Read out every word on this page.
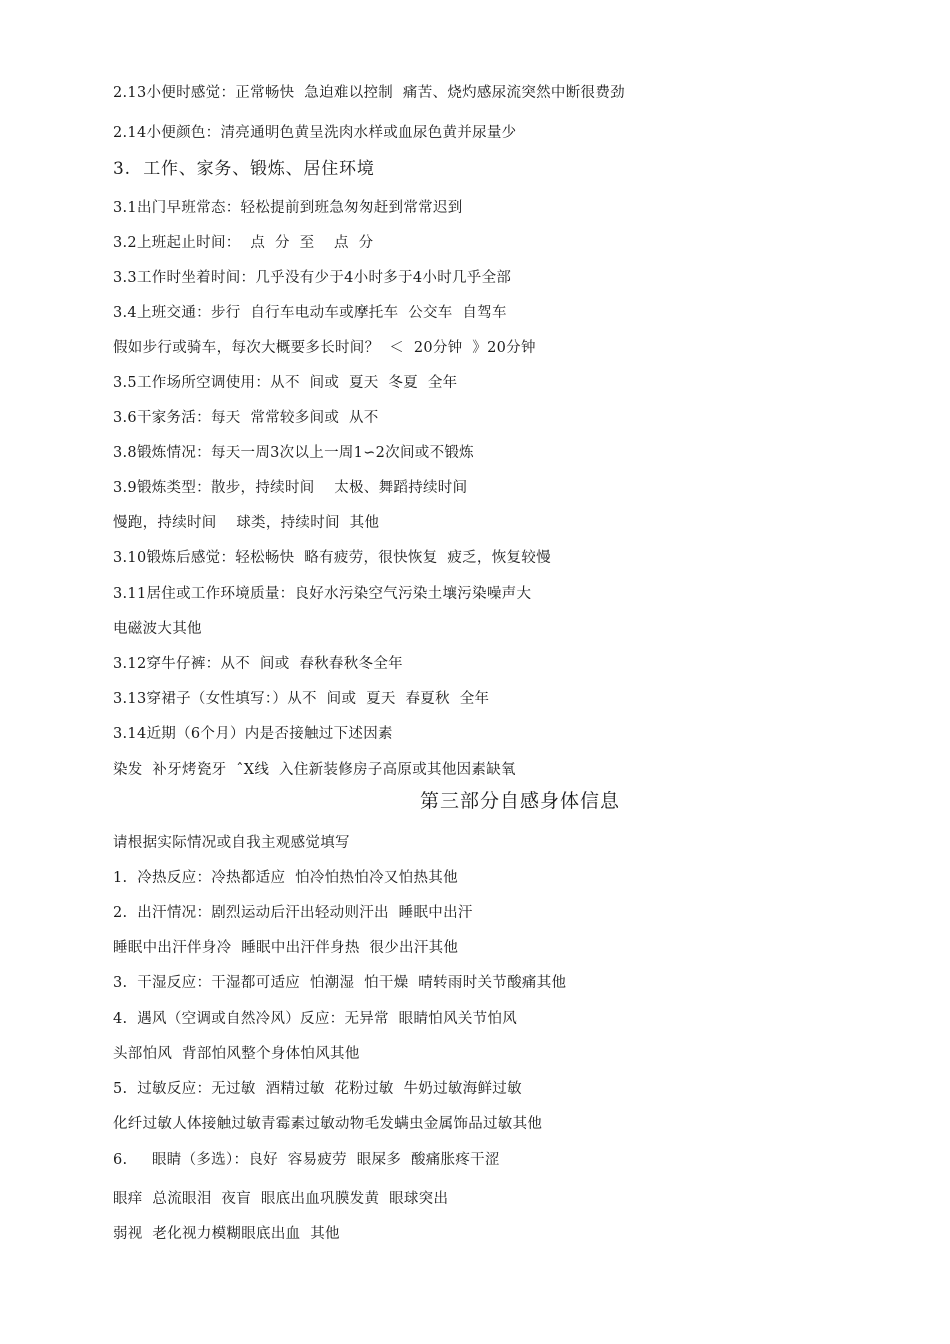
2.13小便时感觉：正常畅快  急迫难以控制  痛苦、烧灼感尿流突然中断很费劲
2.14小便颜色：清亮通明色黄呈洗肉水样或血尿色黄并尿量少
3.  工作、家务、锻炼、居住环境
3.1出门早班常态：轻松提前到班急匆匆赶到常常迟到
3.2上班起止时间：  点  分  至    点  分
3.3工作时坐着时间：几乎没有少于4小时多于4小时几乎全部
3.4上班交通：步行  自行车电动车或摩托车  公交车  自驾车
假如步行或骑车，每次大概要多长时间？  ＜  20分钟  》20分钟
3.5工作场所空调使用：从不  间或  夏天  冬夏  全年
3.6干家务活：每天  常常较多间或  从不
3.8锻炼情况：每天一周3次以上一周1∽2次间或不锻炼
3.9锻炼类型：散步，持续时间    太极、舞蹈持续时间
慢跑，持续时间    球类，持续时间  其他
3.10锻炼后感觉：轻松畅快  略有疲劳，很快恢复  疲乏，恢复较慢
3.11居住或工作环境质量：良好水污染空气污染土壤污染噪声大
电磁波大其他
3.12穿牛仔裤：从不  间或  春秋春秋冬全年
3.13穿裙子（女性填写：）从不  间或  夏天  春夏秋  全年
3.14近期（6个月）内是否接触过下述因素
染发  补牙烤瓷牙  ˆX线  入住新装修房子高原或其他因素缺氧
第三部分自感身体信息
请根据实际情况或自我主观感觉填写
1.  冷热反应：冷热都适应  怕冷怕热怕冷又怕热其他
2.  出汗情况：剧烈运动后汗出轻动则汗出  睡眠中出汗
睡眠中出汗伴身冷  睡眠中出汗伴身热  很少出汗其他
3.  干湿反应：干湿都可适应  怕潮湿  怕干燥  晴转雨时关节酸痛其他
4.  遇风（空调或自然冷风）反应：无异常  眼睛怕风关节怕风
头部怕风  背部怕风整个身体怕风其他
5.  过敏反应：无过敏  酒精过敏  花粉过敏  牛奶过敏海鲜过敏
化纤过敏人体接触过敏青霉素过敏动物毛发螨虫金属饰品过敏其他
6.     眼睛（多选）：良好  容易疲劳  眼屎多  酸痛胀疼干涩
眼痒  总流眼泪  夜盲  眼底出血巩膜发黄  眼球突出
弱视  老化视力模糊眼底出血  其他
